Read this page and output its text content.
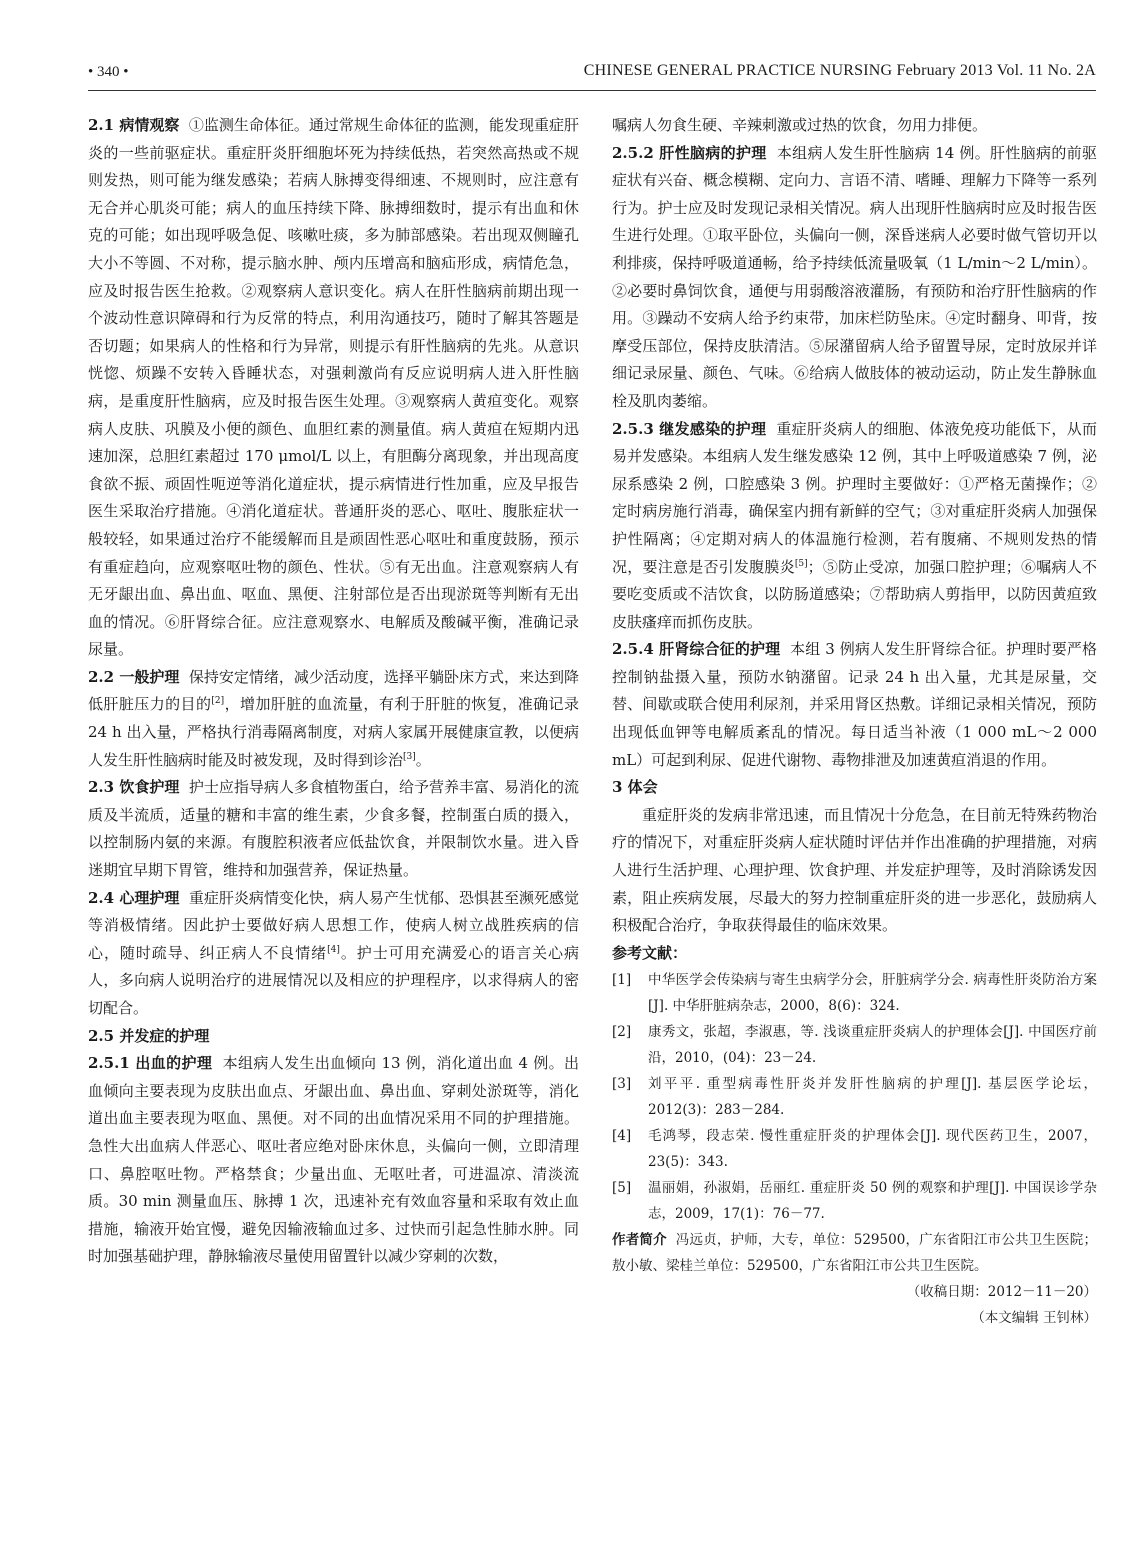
• 340 •	CHINESE GENERAL PRACTICE NURSING February 2013 Vol. 11 No. 2A

2.1 病情观察 ①监测生命体征。通过常规生命体征的监测，能发现重症肝炎的一些前驱症状。重症肝炎肝细胞坏死为持续低热，若突然高热或不规则发热，则可能为继发感染；若病人脉搏变得细速、不规则时，应注意有无合并心肌炎可能；病人的血压持续下降、脉搏细数时，提示有出血和休克的可能；如出现呼吸急促、咳嗽吐痰，多为肺部感染。若出现双侧瞳孔大小不等圆、不对称，提示脑水肿、颅内压增高和脑疝形成，病情危急，应及时报告医生抢救。②观察病人意识变化。病人在肝性脑病前期出现一个波动性意识障碍和行为反常的特点，利用沟通技巧，随时了解其答题是否切题；如果病人的性格和行为异常，则提示有肝性脑病的先兆。从意识恍惚、烦躁不安转入昏睡状态，对强刺激尚有反应说明病人进入肝性脑病，是重度肝性脑病，应及时报告医生处理。③观察病人黄疸变化。观察病人皮肤、巩膜及小便的颜色、血胆红素的测量值。病人黄疸在短期内迅速加深，总胆红素超过 170 μmol/L 以上，有胆酶分离现象，并出现高度食欲不振、顽固性呃逆等消化道症状，提示病情进行性加重，应及早报告医生采取治疗措施。④消化道症状。普通肝炎的恶心、呕吐、腹胀症状一般较轻，如果通过治疗不能缓解而且是顽固性恶心呕吐和重度鼓肠，预示有重症趋向，应观察呕吐物的颜色、性状。⑤有无出血。注意观察病人有无牙龈出血、鼻出血、呕血、黑便、注射部位是否出现淤斑等判断有无出血的情况。⑥肝肾综合征。应注意观察水、电解质及酸碱平衡，准确记录尿量。

2.2 一般护理 保持安定情绪，减少活动度，选择平躺卧床方式，来达到降低肝脏压力的目的[2]，增加肝脏的血流量，有利于肝脏的恢复，准确记录 24 h 出入量，严格执行消毒隔离制度，对病人家属开展健康宣教，以便病人发生肝性脑病时能及时被发现，及时得到诊治[3]。

2.3 饮食护理 护士应指导病人多食植物蛋白，给予营养丰富、易消化的流质及半流质，适量的糖和丰富的维生素，少食多餐，控制蛋白质的摄入，以控制肠内氨的来源。有腹腔积液者应低盐饮食，并限制饮水量。进入昏迷期宜早期下胃管，维持和加强营养，保证热量。

2.4 心理护理 重症肝炎病情变化快，病人易产生忧郁、恐惧甚至濒死感觉等消极情绪。因此护士要做好病人思想工作，使病人树立战胜疾病的信心，随时疏导、纠正病人不良情绪[4]。护士可用充满爱心的语言关心病人，多向病人说明治疗的进展情况以及相应的护理程序，以求得病人的密切配合。

2.5 并发症的护理

2.5.1 出血的护理 本组病人发生出血倾向 13 例，消化道出血 4 例。出血倾向主要表现为皮肤出血点、牙龈出血、鼻出血、穿刺处淤斑等，消化道出血主要表现为呕血、黑便。对不同的出血情况采用不同的护理措施。急性大出血病人伴恶心、呕吐者应绝对卧床休息，头偏向一侧，立即清理口、鼻腔呕吐物。严格禁食；少量出血、无呕吐者，可进温凉、清淡流质。30 min 测量血压、脉搏 1 次，迅速补充有效血容量和采取有效止血措施，输液开始宜慢，避免因输液输血过多、过快而引起急性肺水肿。同时加强基础护理，静脉输液尽量使用留置针以减少穿刺的次数，

嘱病人勿食生硬、辛辣刺激或过热的饮食，勿用力排便。

2.5.2 肝性脑病的护理 本组病人发生肝性脑病 14 例。肝性脑病的前驱症状有兴奋、概念模糊、定向力、言语不清、嗜睡、理解力下降等一系列行为。护士应及时发现记录相关情况。病人出现肝性脑病时应及时报告医生进行处理。①取平卧位，头偏向一侧，深昏迷病人必要时做气管切开以利排痰，保持呼吸道通畅，给予持续低流量吸氧（1 L/min～2 L/min）。②必要时鼻饲饮食，通便与用弱酸溶液灌肠，有预防和治疗肝性脑病的作用。③躁动不安病人给予约束带，加床栏防坠床。④定时翻身、叩背，按摩受压部位，保持皮肤清洁。⑤尿潴留病人给予留置导尿，定时放尿并详细记录尿量、颜色、气味。⑥给病人做肢体的被动运动，防止发生静脉血栓及肌肉萎缩。

2.5.3 继发感染的护理 重症肝炎病人的细胞、体液免疫功能低下，从而易并发感染。本组病人发生继发感染 12 例，其中上呼吸道感染 7 例，泌尿系感染 2 例，口腔感染 3 例。护理时主要做好：①严格无菌操作；②定时病房施行消毒，确保室内拥有新鲜的空气；③对重症肝炎病人加强保护性隔离；④定期对病人的体温施行检测，若有腹痛、不规则发热的情况，要注意是否引发腹膜炎[5]；⑤防止受凉，加强口腔护理；⑥嘱病人不要吃变质或不洁饮食，以防肠道感染；⑦帮助病人剪指甲，以防因黄疸致皮肤瘙痒而抓伤皮肤。

2.5.4 肝肾综合征的护理 本组 3 例病人发生肝肾综合征。护理时要严格控制钠盐摄入量，预防水钠潴留。记录 24 h 出入量，尤其是尿量，交替、间歇或联合使用利尿剂，并采用肾区热敷。详细记录相关情况，预防出现低血钾等电解质紊乱的情况。每日适当补液（1 000 mL～2 000 mL）可起到利尿、促进代谢物、毒物排泄及加速黄疸消退的作用。

3 体会

重症肝炎的发病非常迅速，而且情况十分危急，在目前无特殊药物治疗的情况下，对重症肝炎病人症状随时评估并作出准确的护理措施，对病人进行生活护理、心理护理、饮食护理、并发症护理等，及时消除诱发因素，阻止疾病发展，尽最大的努力控制重症肝炎的进一步恶化，鼓励病人积极配合治疗，争取获得最佳的临床效果。

参考文献：

[1]	中华医学会传染病与寄生虫病学分会，肝脏病学分会. 病毒性肝炎防治方案[J]. 中华肝脏病杂志，2000，8(6)：324.
[2]	康秀文，张超，李淑惠，等. 浅谈重症肝炎病人的护理体会[J]. 中国医疗前沿，2010，(04)：23－24.
[3]	刘平平. 重型病毒性肝炎并发肝性脑病的护理[J]. 基层医学论坛，2012(3)：283－284.
[4]	毛鸿琴，段志荣. 慢性重症肝炎的护理体会[J]. 现代医药卫生，2007，23(5)：343.
[5]	温丽娟，孙淑娟，岳丽红. 重症肝炎 50 例的观察和护理[J]. 中国误诊学杂志，2009，17(1)：76－77.

作者简介 冯远贞，护师，大专，单位：529500，广东省阳江市公共卫生医院；敖小敏、梁桂兰单位：529500，广东省阳江市公共卫生医院。

（收稿日期：2012－11－20）

（本文编辑 王钊林）
